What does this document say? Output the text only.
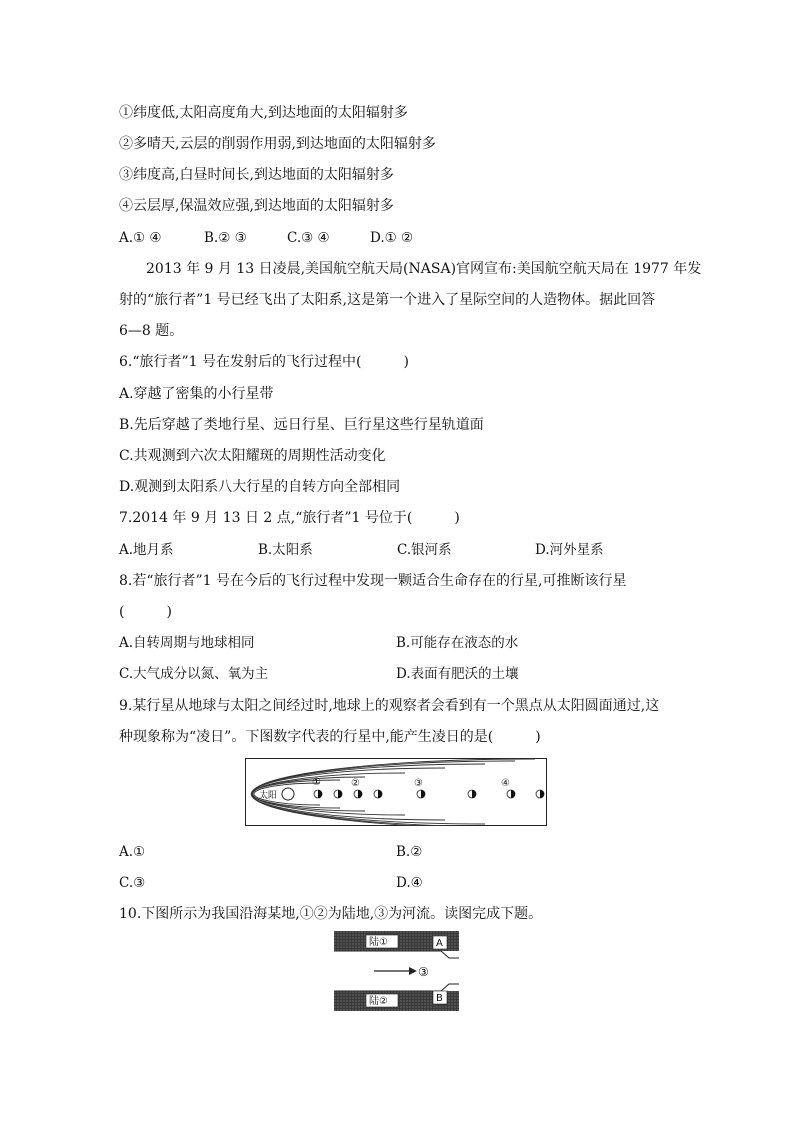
①纬度低,太阳高度角大,到达地面的太阳辐射多
②多晴天,云层的削弱作用弱,到达地面的太阳辐射多
③纬度高,白昼时间长,到达地面的太阳辐射多
④云层厚,保温效应强,到达地面的太阳辐射多
A.① ④	B.② ③	C.③ ④	D.① ②
2013 年 9 月 13 日凌晨,美国航空航天局(NASA)官网宣布:美国航空航天局在 1977 年发
射的“旅行者”1 号已经飞出了太阳系,这是第一个进入了星际空间的人造物体。据此回答
6—8 题。
6.“旅行者”1 号在发射后的飞行过程中(　　　)
A.穿越了密集的小行星带
B.先后穿越了类地行星、远日行星、巨行星这些行星轨道面
C.共观测到六次太阳耀斑的周期性活动变化
D.观测到太阳系八大行星的自转方向全部相同
7.2014 年 9 月 13 日 2 点,“旅行者”1 号位于(　　　)
A.地月系	B.太阳系	C.银河系	D.河外星系
8.若“旅行者”1 号在今后的飞行过程中发现一颗适合生命存在的行星,可推断该行星
(　　　)
A.自转周期与地球相同	B.可能存在液态的水
C.大气成分以氮、氧为主	D.表面有肥沃的土壤
9.某行星从地球与太阳之间经过时,地球上的观察者会看到有一个黑点从太阳圆面通过,这
种现象称为“凌日”。下图数字代表的行星中,能产生凌日的是(　　　)
太阳
①	②	③	④
A.①	B.②
C.③	D.④
10.下图所示为我国沿海某地,①②为陆地,③为河流。读图完成下题。
陆①	A
③
陆②	B
